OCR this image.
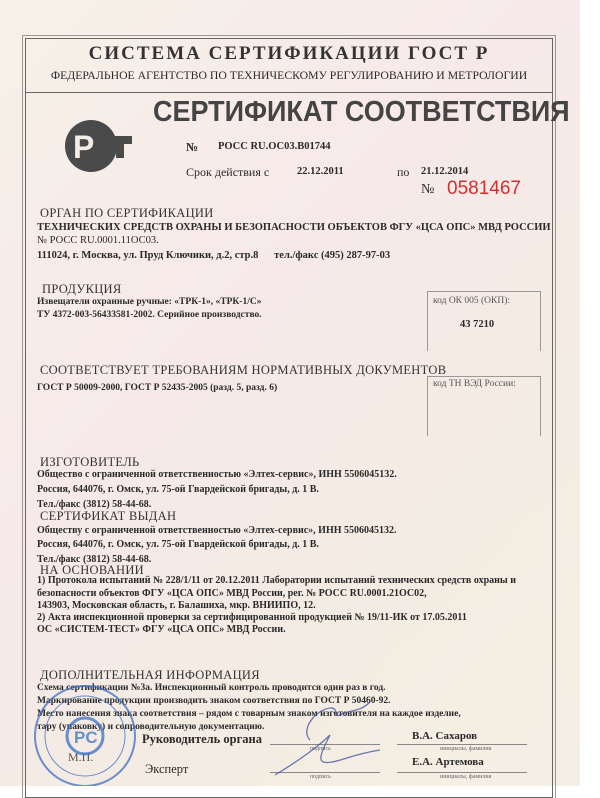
СИСТЕМА СЕРТИФИКАЦИИ ГОСТ Р
ФЕДЕРАЛЬНОЕ АГЕНТСТВО ПО ТЕХНИЧЕСКОМУ РЕГУЛИРОВАНИЮ И МЕТРОЛОГИИ
СЕРТИФИКАТ СООТВЕТСТВИЯ
P	№ РОСС RU.ОС03.В01744
Срок действия с	22.12.2011	по 21.12.2014
№ 0581467
ОРГАН ПО СЕРТИФИКАЦИИ
ТЕХНИЧЕСКИХ СРЕДСТВ ОХРАНЫ И БЕЗОПАСНОСТИ ОБЪЕКТОВ ФГУ «ЦСА ОПС» МВД РОССИИ
№ РОСС RU.0001.11ОС03.
111024, г. Москва, ул. Пруд Ключики, д.2, стр.8      тел./факс (495) 287-97-03
ПРОДУКЦИЯ
Извещатели охранные ручные: «ТРК-1», «ТРК-1/С»
ТУ 4372-003-56433581-2002. Серийное производство.
код ОК 005 (ОКП):
43 7210
СООТВЕТСТВУЕТ ТРЕБОВАНИЯМ НОРМАТИВНЫХ ДОКУМЕНТОВ
ГОСТ Р 50009-2000, ГОСТ Р 52435-2005 (разд. 5, разд. 6)	код ТН ВЭД России:
ИЗГОТОВИТЕЛЬ
Общество с ограниченной ответственностью «Элтех-сервис», ИНН 5506045132.
Россия, 644076, г. Омск, ул. 75-ой Гвардейской бригады, д. 1 В.
Тел./факс (3812) 58-44-68.
СЕРТИФИКАТ ВЫДАН
Обществу с ограниченной ответственностью «Элтех-сервис», ИНН 5506045132.
Россия, 644076, г. Омск, ул. 75-ой Гвардейской бригады, д. 1 В.
Тел./факс (3812) 58-44-68.
НА ОСНОВАНИИ
1) Протокола испытаний № 228/1/11 от 20.12.2011 Лаборатории испытаний технических средств охраны и
безопасности объектов ФГУ «ЦСА ОПС» МВД России, рег. № РОСС RU.0001.21ОС02,
143903, Московская область, г. Балашиха, мкр. ВНИИПО, 12.
2) Акта инспекционной проверки за сертифицированной продукцией № 19/11-ИК от 17.05.2011
ОС «СИСТЕМ-ТЕСТ» ФГУ «ЦСА ОПС» МВД России.
ДОПОЛНИТЕЛЬНАЯ ИНФОРМАЦИЯ
Схема сертификации №3а. Инспекционный контроль проводится один раз в год.
Маркирование продукции производить знаком соответствия по ГОСТ Р 50460-92.
Место нанесения знака соответствия – рядом с товарным знаком изготовителя на каждое изделие,
тару (упаковку) и сопроводительную документацию.
Руководитель органа
подпись
В.А. Сахаров
инициалы, фамилия
Эксперт
подпись
Е.А. Артемова
инициалы, фамилия
М.П.
PC
